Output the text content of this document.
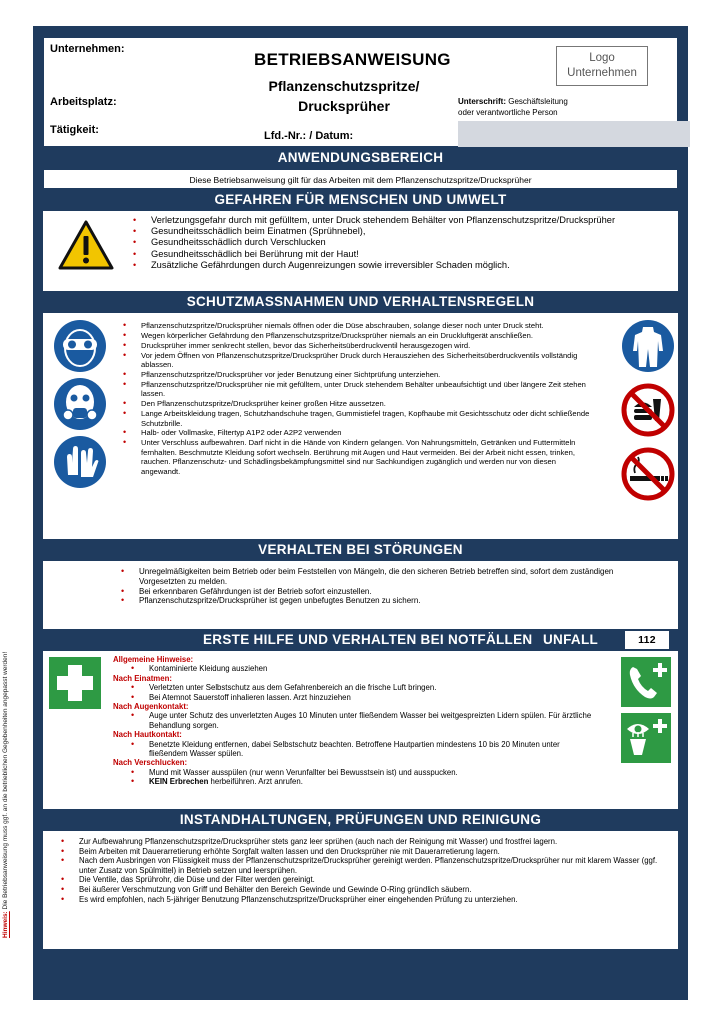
Hinweis: Die Betriebsanweisung muss ggf. an die betrieblichen Gegebenheiten angepasst werden!
Unternehmen:
Arbeitsplatz:
Tätigkeit:
BETRIEBSANWEISUNG
Pflanzenschutzspritze/
Drucksprüher
Lfd.-Nr.: / Datum:
Logo
Unternehmen
Unterschrift: Geschäftsleitung
oder verantwortliche Person
ANWENDUNGSBEREICH
Diese Betriebsanweisung gilt für das Arbeiten mit dem Pflanzenschutzspritze/Drucksprüher
GEFAHREN FÜR MENSCHEN UND UMWELT
• Verletzungsgefahr durch mit gefülltem, unter Druck stehendem Behälter von Pflanzenschutzspritze/Drucksprüher
• Gesundheitsschädlich beim Einatmen (Sprühnebel),
• Gesundheitsschädlich durch Verschlucken
• Gesundheitsschädlich bei Berührung mit der Haut!
• Zusätzliche Gefährdungen durch Augenreizungen sowie irreversibler Schaden möglich.
SCHUTZMASSNAHMEN UND VERHALTENSREGELN
• Pflanzenschutzspritze/Drucksprüher niemals öffnen oder die Düse abschrauben, solange dieser noch unter Druck steht.
• Wegen körperlicher Gefährdung den Pflanzenschutzspritze/Drucksprüher niemals an ein Druckluftgerät anschließen.
• Drucksprüher immer senkrecht stellen, bevor das Sicherheitsüberdruckventil herausgezogen wird.
• Vor jedem Öffnen von Pflanzenschutzspritze/Drucksprüher Druck durch Herausziehen des Sicherheitsüberdruckventils vollständig ablassen.
• Pflanzenschutzspritze/Drucksprüher vor jeder Benutzung einer Sichtprüfung unterziehen.
• Pflanzenschutzspritze/Drucksprüher nie mit gefülltem, unter Druck stehendem Behälter unbeaufsichtigt und über längere Zeit stehen lassen.
• Den Pflanzenschutzspritze/Drucksprüher keiner großen Hitze aussetzen.
• Lange Arbeitskleidung tragen, Schutzhandschuhe tragen, Gummistiefel tragen, Kopfhaube mit Gesichtsschutz oder dicht schließende Schutzbrille.
• Halb- oder Vollmaske, Filtertyp A1P2 oder A2P2 verwenden
• Unter Verschluss aufbewahren. Darf nicht in die Hände von Kindern gelangen. Von Nahrungsmitteln, Getränken und Futtermitteln fernhalten. Beschmutzte Kleidung sofort wechseln. Berührung mit Augen und Haut vermeiden. Bei der Arbeit nicht essen, trinken, rauchen. Pflanzenschutz- und Schädlingsbekämpfungsmittel sind nur Sachkundigen zugänglich und werden nur von diesen angewandt.
VERHALTEN BEI STÖRUNGEN
• Unregelmäßigkeiten beim Betrieb oder beim Feststellen von Mängeln, die den sicheren Betrieb betreffen sind, sofort dem zuständigen Vorgesetzten zu melden.
• Bei erkennbaren Gefährdungen ist der Betrieb sofort einzustellen.
• Pflanzenschutzspritze/Drucksprüher ist gegen unbefugtes Benutzen zu sichern.
ERSTE HILFE UND VERHALTEN BEI NOTFÄLLEN UNFALL	112
Allgemeine Hinweise:
• Kontaminierte Kleidung ausziehen
Nach Einatmen:
• Verletzten unter Selbstschutz aus dem Gefahrenbereich an die frische Luft bringen.
• Bei Atemnot Sauerstoff inhalieren lassen. Arzt hinzuziehen
Nach Augenkontakt:
• Auge unter Schutz des unverletzten Auges 10 Minuten unter fließendem Wasser bei weitgespreizten Lidern spülen. Für ärztliche Behandlung sorgen.
Nach Hautkontakt:
• Benetzte Kleidung entfernen, dabei Selbstschutz beachten. Betroffene Hautpartien mindestens 10 bis 20 Minuten unter fließendem Wasser spülen.
Nach Verschlucken:
• Mund mit Wasser ausspülen (nur wenn Verunfallter bei Bewusstsein ist) und ausspucken.
• KEIN Erbrechen herbeiführen. Arzt anrufen.
INSTANDHALTUNGEN, PRÜFUNGEN UND REINIGUNG
• Zur Aufbewahrung Pflanzenschutzspritze/Drucksprüher stets ganz leer sprühen (auch nach der Reinigung mit Wasser) und frostfrei lagern.
• Beim Arbeiten mit Dauerarretierung erhöhte Sorgfalt walten lassen und den Drucksprüher nie mit Dauerarretierung lagern.
• Nach dem Ausbringen von Flüssigkeit muss der Pflanzenschutzspritze/Drucksprüher gereinigt werden. Pflanzenschutzspritze/Drucksprüher nur mit klarem Wasser (ggf. unter Zusatz von Spülmittel) in Betrieb setzen und leersprühen.
• Die Ventile, das Sprührohr, die Düse und der Filter werden gereinigt.
• Bei äußerer Verschmutzung von Griff und Behälter den Bereich Gewinde und Gewinde O-Ring gründlich säubern.
• Es wird empfohlen, nach 5-jähriger Benutzung Pflanzenschutzspritze/Drucksprüher einer eingehenden Prüfung zu unterziehen.
